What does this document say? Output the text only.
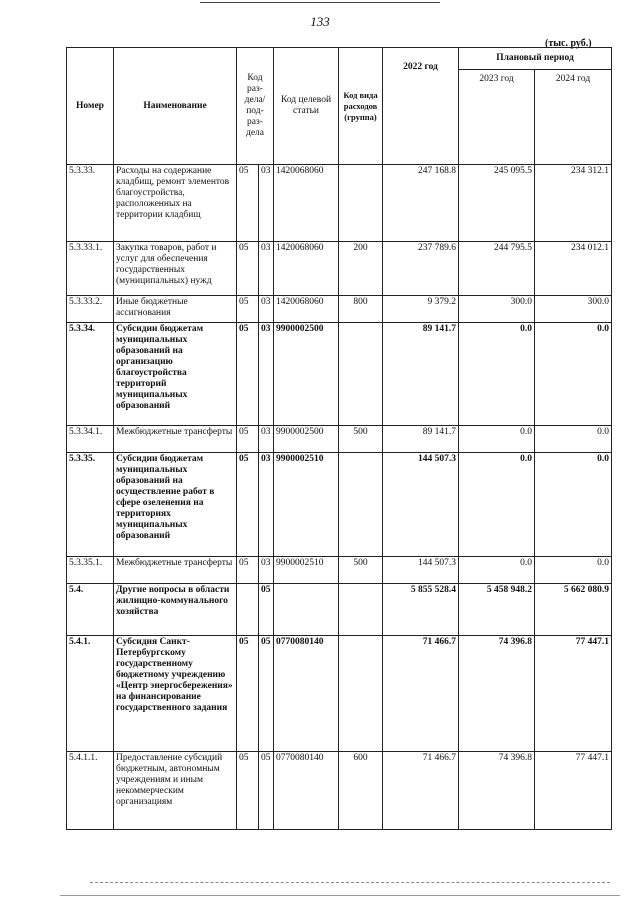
133
(тыс. руб.)
Номер	Наименование	Код раз-дела/ под-раз-дела		Код целевой статьи	Код вида расходов (группа)	2022 год	Плановый период	
							2023 год	2024 год
5.3.33.	Расходы на содержание кладбищ, ремонт элементов благоустройства, расположенных на территории кладбищ	05	03	1420068060		247 168.8	245 095.5	234 312.1
5.3.33.1.	Закупка товаров, работ и услуг для обеспечения государственных (муниципальных) нужд	05	03	1420068060	200	237 789.6	244 795.5	234 012.1
5.3.33.2.	Иные бюджетные ассигнования	05	03	1420068060	800	9 379.2	300.0	300.0
5.3.34.	Субсидии бюджетам муниципальных образований на организацию благоустройства территорий муниципальных образований	05	03	9900002500		89 141.7	0.0	0.0
5.3.34.1.	Межбюджетные трансферты	05	03	9900002500	500	89 141.7	0.0	0.0
5.3.35.	Субсидии бюджетам муниципальных образований на осуществление работ в сфере озеленения на территориях муниципальных образований	05	03	9900002510		144 507.3	0.0	0.0
5.3.35.1.	Межбюджетные трансферты	05	03	9900002510	500	144 507.3	0.0	0.0
5.4.	Другие вопросы в области жилищно-коммунального хозяйства		05			5 855 528.4	5 458 948.2	5 662 080.9
5.4.1.	Субсидия Санкт-Петербургскому государственному бюджетному учреждению «Центр энергосбережения» на финансирование государственного задания	05	05	0770080140		71 466.7	74 396.8	77 447.1
5.4.1.1.	Предоставление субсидий бюджетным, автономным учреждениям и иным некоммерческим организациям	05	05	0770080140	600	71 466.7	74 396.8	77 447.1
